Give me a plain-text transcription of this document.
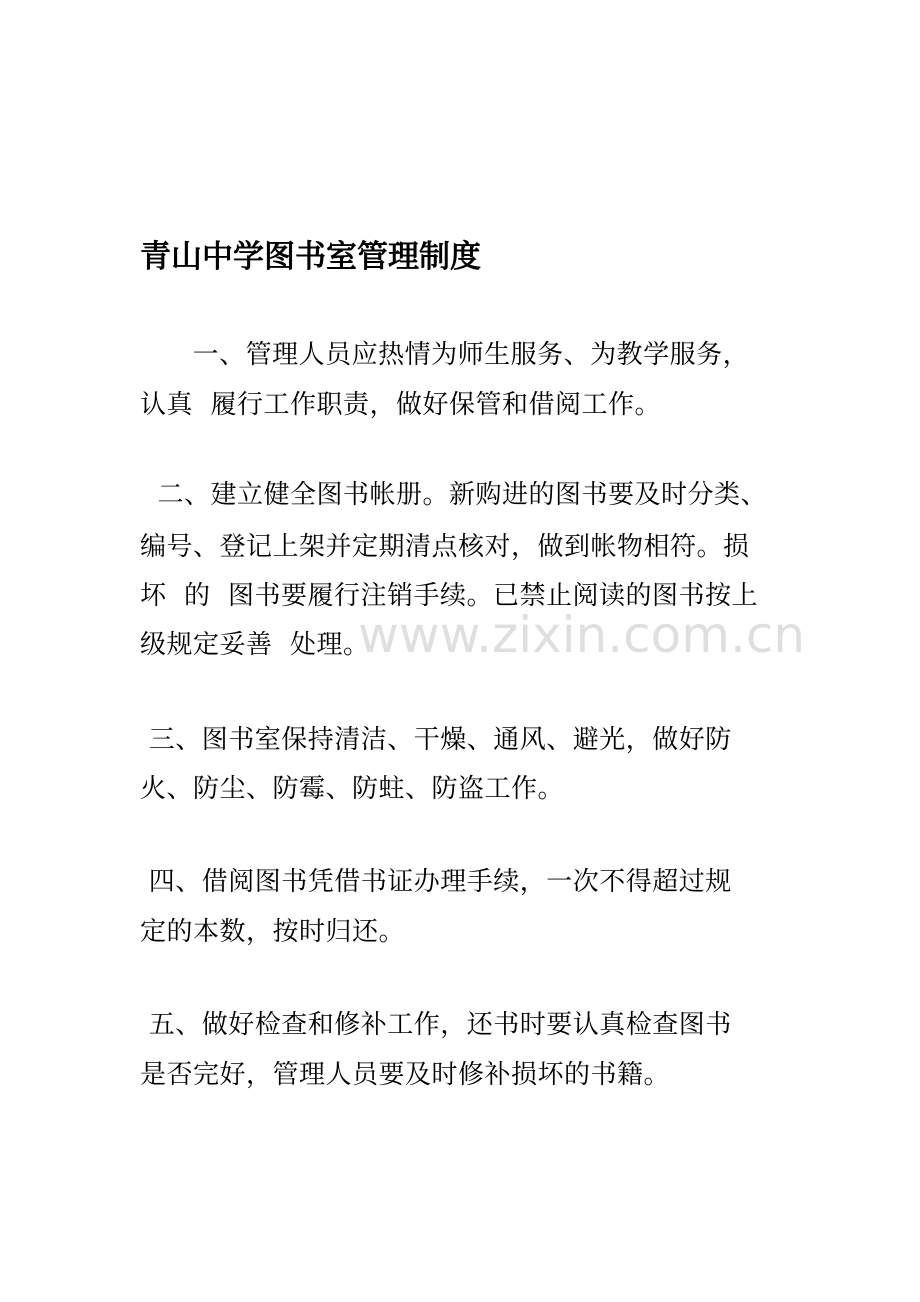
青山中学图书室管理制度
一、管理人员应热情为师生服务、为教学服务，
认真  履行工作职责，做好保管和借阅工作。
二、建立健全图书帐册。新购进的图书要及时分类、
编号、登记上架并定期清点核对，做到帐物相符。损
坏  的  图书要履行注销手续。已禁止阅读的图书按上
级规定妥善  处理。
三、图书室保持清洁、干燥、通风、避光，做好防
火、防尘、防霉、防蛀、防盗工作。
四、借阅图书凭借书证办理手续，一次不得超过规
定的本数，按时归还。
五、做好检查和修补工作，还书时要认真检查图书
是否完好，管理人员要及时修补损坏的书籍。
www.zixin.com.cn
